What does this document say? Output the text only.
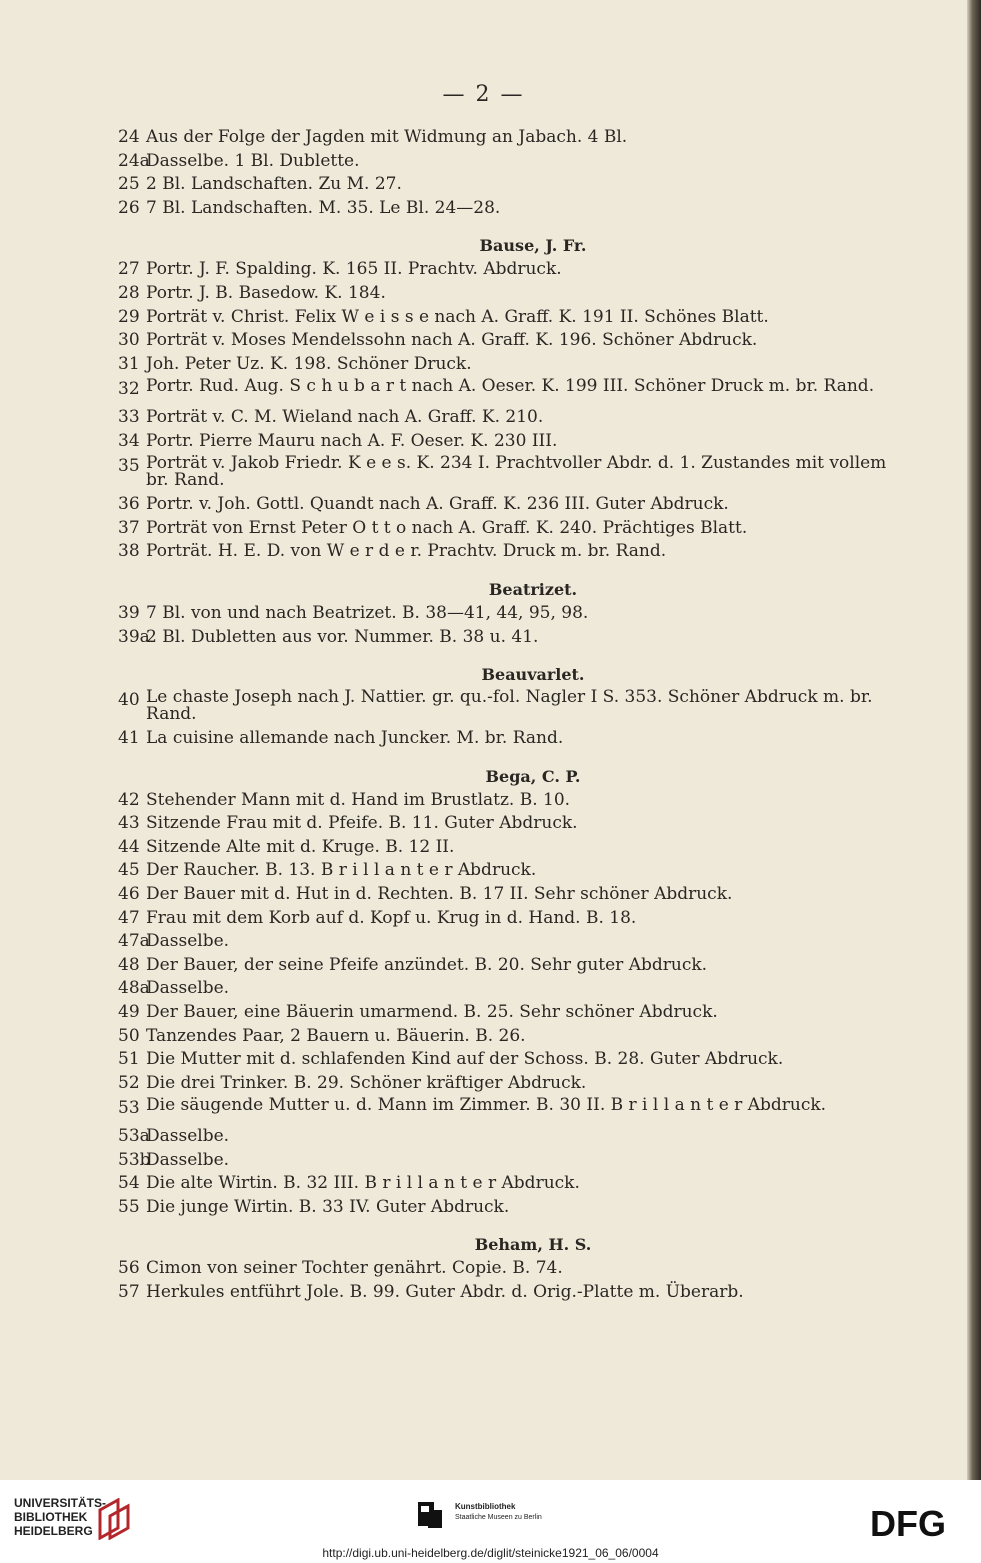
— 2 —
24 Aus der Folge der Jagden mit Widmung an Jabach. 4 Bl.
24a
Dasselbe. 1 Bl. Dublette.
25 2 Bl. Landschaften. Zu M. 27.
26 7 Bl. Landschaften. M. 35. Le Bl. 24—28.
Bause, J. Fr.
27 Portr. J. F. Spalding. K. 165 II. Prachtv. Abdruck.
28 Portr. J. B. Basedow. K. 184.
29 Porträt v. Christ. Felix W e i s s e nach A. Graff. K. 191 II. Schönes Blatt.
30 Porträt v. Moses Mendelssohn nach A. Graff. K. 196. Schöner Abdruck.
31 Joh. Peter Uz. K. 198. Schöner Druck.
32 Portr. Rud. Aug. S c h u b a r t nach A. Oeser. K. 199 III. Schöner Druck m. br. Rand.
33 Porträt v. C. M. Wieland nach A. Graff. K. 210.
34 Portr. Pierre Mauru nach A. F. Oeser. K. 230 III.
35 Porträt v. Jakob Friedr. K e e s. K. 234 I. Prachtvoller Abdr. d. 1. Zustandes mit vollem br. Rand.
36 Portr. v. Joh. Gottl. Quandt nach A. Graff. K. 236 III. Guter Abdruck.
37 Porträt von Ernst Peter O t t o nach A. Graff. K. 240. Prächtiges Blatt.
38 Porträt. H. E. D. von W e r d e r. Prachtv. Druck m. br. Rand.
Beatrizet.
39 7 Bl. von und nach Beatrizet. B. 38—41, 44, 95, 98.
39a
2 Bl. Dubletten aus vor. Nummer. B. 38 u. 41.
Beauvarlet.
40 Le chaste Joseph nach J. Nattier. gr. qu.-fol. Nagler I S. 353. Schöner Abdruck m. br. Rand.
41 La cuisine allemande nach Juncker. M. br. Rand.
Bega, C. P.
42 Stehender Mann mit d. Hand im Brustlatz. B. 10.
43 Sitzende Frau mit d. Pfeife. B. 11. Guter Abdruck.
44 Sitzende Alte mit d. Kruge. B. 12 II.
45 Der Raucher. B. 13. B r i l l a n t e r Abdruck.
46 Der Bauer mit d. Hut in d. Rechten. B. 17 II. Sehr schöner Abdruck.
47 Frau mit dem Korb auf d. Kopf u. Krug in d. Hand. B. 18.
47a
Dasselbe.
48 Der Bauer, der seine Pfeife anzündet. B. 20. Sehr guter Abdruck.
48a
Dasselbe.
49 Der Bauer, eine Bäuerin umarmend. B. 25. Sehr schöner Abdruck.
50 Tanzendes Paar, 2 Bauern u. Bäuerin. B. 26.
51 Die Mutter mit d. schlafenden Kind auf der Schoss. B. 28. Guter Abdruck.
52 Die drei Trinker. B. 29. Schöner kräftiger Abdruck.
53 Die säugende Mutter u. d. Mann im Zimmer. B. 30 II. B r i l l a n t e r Abdruck.
53a
Dasselbe.
53b
Dasselbe.
54 Die alte Wirtin. B. 32 III. B r i l l a n t e r Abdruck.
55 Die junge Wirtin. B. 33 IV. Guter Abdruck.
Beham, H. S.
56 Cimon von seiner Tochter genährt. Copie. B. 74.
57 Herkules entführt Jole. B. 99. Guter Abdr. d. Orig.-Platte m. Überarb.
UNIVERSITÄTS-
BIBLIOTHEK
HEIDELBERG
Kunstbibliothek
Staatliche Museen zu Berlin	DFG
http://digi.ub.uni-heidelberg.de/diglit/steinicke1921_06_06/0004
